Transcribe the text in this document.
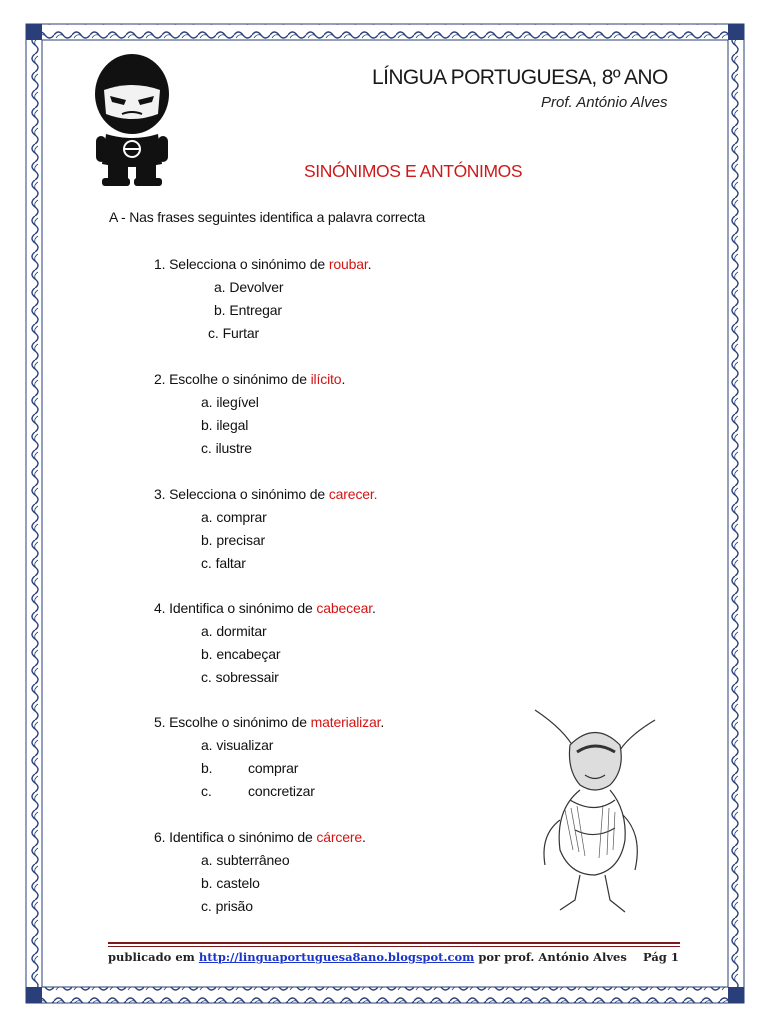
LÍNGUA PORTUGUESA, 8º ANO
Prof. António Alves
SINÓNIMOS E ANTÓNIMOS
A - Nas frases seguintes identifica a palavra correcta
1. Selecciona o sinónimo de roubar.
a. Devolver
b. Entregar
c. Furtar
2. Escolhe o sinónimo de ilícito.
a. ilegível
b. ilegal
c. ilustre
3. Selecciona o sinónimo de carecer.
a. comprar
b. precisar
c. faltar
4. Identifica o sinónimo de cabecear.
a. dormitar
b. encabeçar
c. sobressair
5. Escolhe o sinónimo de materializar.
a. visualizar
b.	comprar
c.	concretizar
6. Identifica o sinónimo de cárcere.
a. subterrâneo
b. castelo
c. prisão
publicado em http://linguaportuguesa8ano.blogspot.com por prof. António Alves Pág 1
